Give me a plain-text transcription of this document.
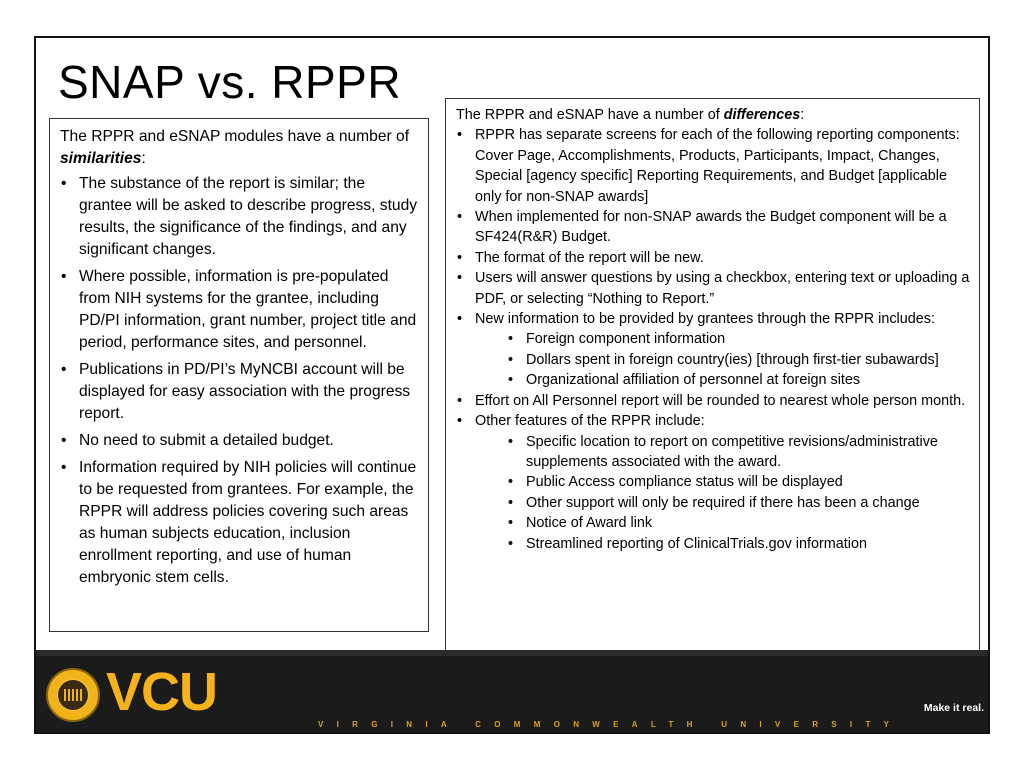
SNAP vs. RPPR

The RPPR and eSNAP modules have a number of similarities:

• The substance of the report is similar; the grantee will be asked to describe progress, study results, the significance of the findings, and any significant changes.
• Where possible, information is pre-populated from NIH systems for the grantee, including PD/PI information, grant number, project title and period, performance sites, and personnel.
• Publications in PD/PI’s MyNCBI account will be displayed for easy association with the progress report.
• No need to submit a detailed budget.
• Information required by NIH policies will continue to be requested from grantees. For example, the RPPR will address policies covering such areas as human subjects education, inclusion enrollment reporting, and use of human embryonic stem cells.

The RPPR and eSNAP have a number of differences:

• RPPR has separate screens for each of the following reporting components: Cover Page, Accomplishments, Products, Participants, Impact, Changes, Special [agency specific] Reporting Requirements, and Budget [applicable only for non-SNAP awards]
• When implemented for non-SNAP awards the Budget component will be a SF424(R&R) Budget.
• The format of the report will be new.
• Users will answer questions by using a checkbox, entering text or uploading a PDF, or selecting “Nothing to Report.”
• New information to be provided by grantees through the RPPR includes:
• Foreign component information
• Dollars spent in foreign country(ies) [through first-tier subawards]
• Organizational affiliation of personnel at foreign sites
• Effort on All Personnel report will be rounded to nearest whole person month.
• Other features of the RPPR include:
• Specific location to report on competitive revisions/administrative supplements associated with the award.
• Public Access compliance status will be displayed
• Other support will only be required if there has been a change
• Notice of Award link
• Streamlined reporting of ClinicalTrials.gov information
VCU
VIRGINIA COMMONWEALTH UNIVERSITY
Make it real.
